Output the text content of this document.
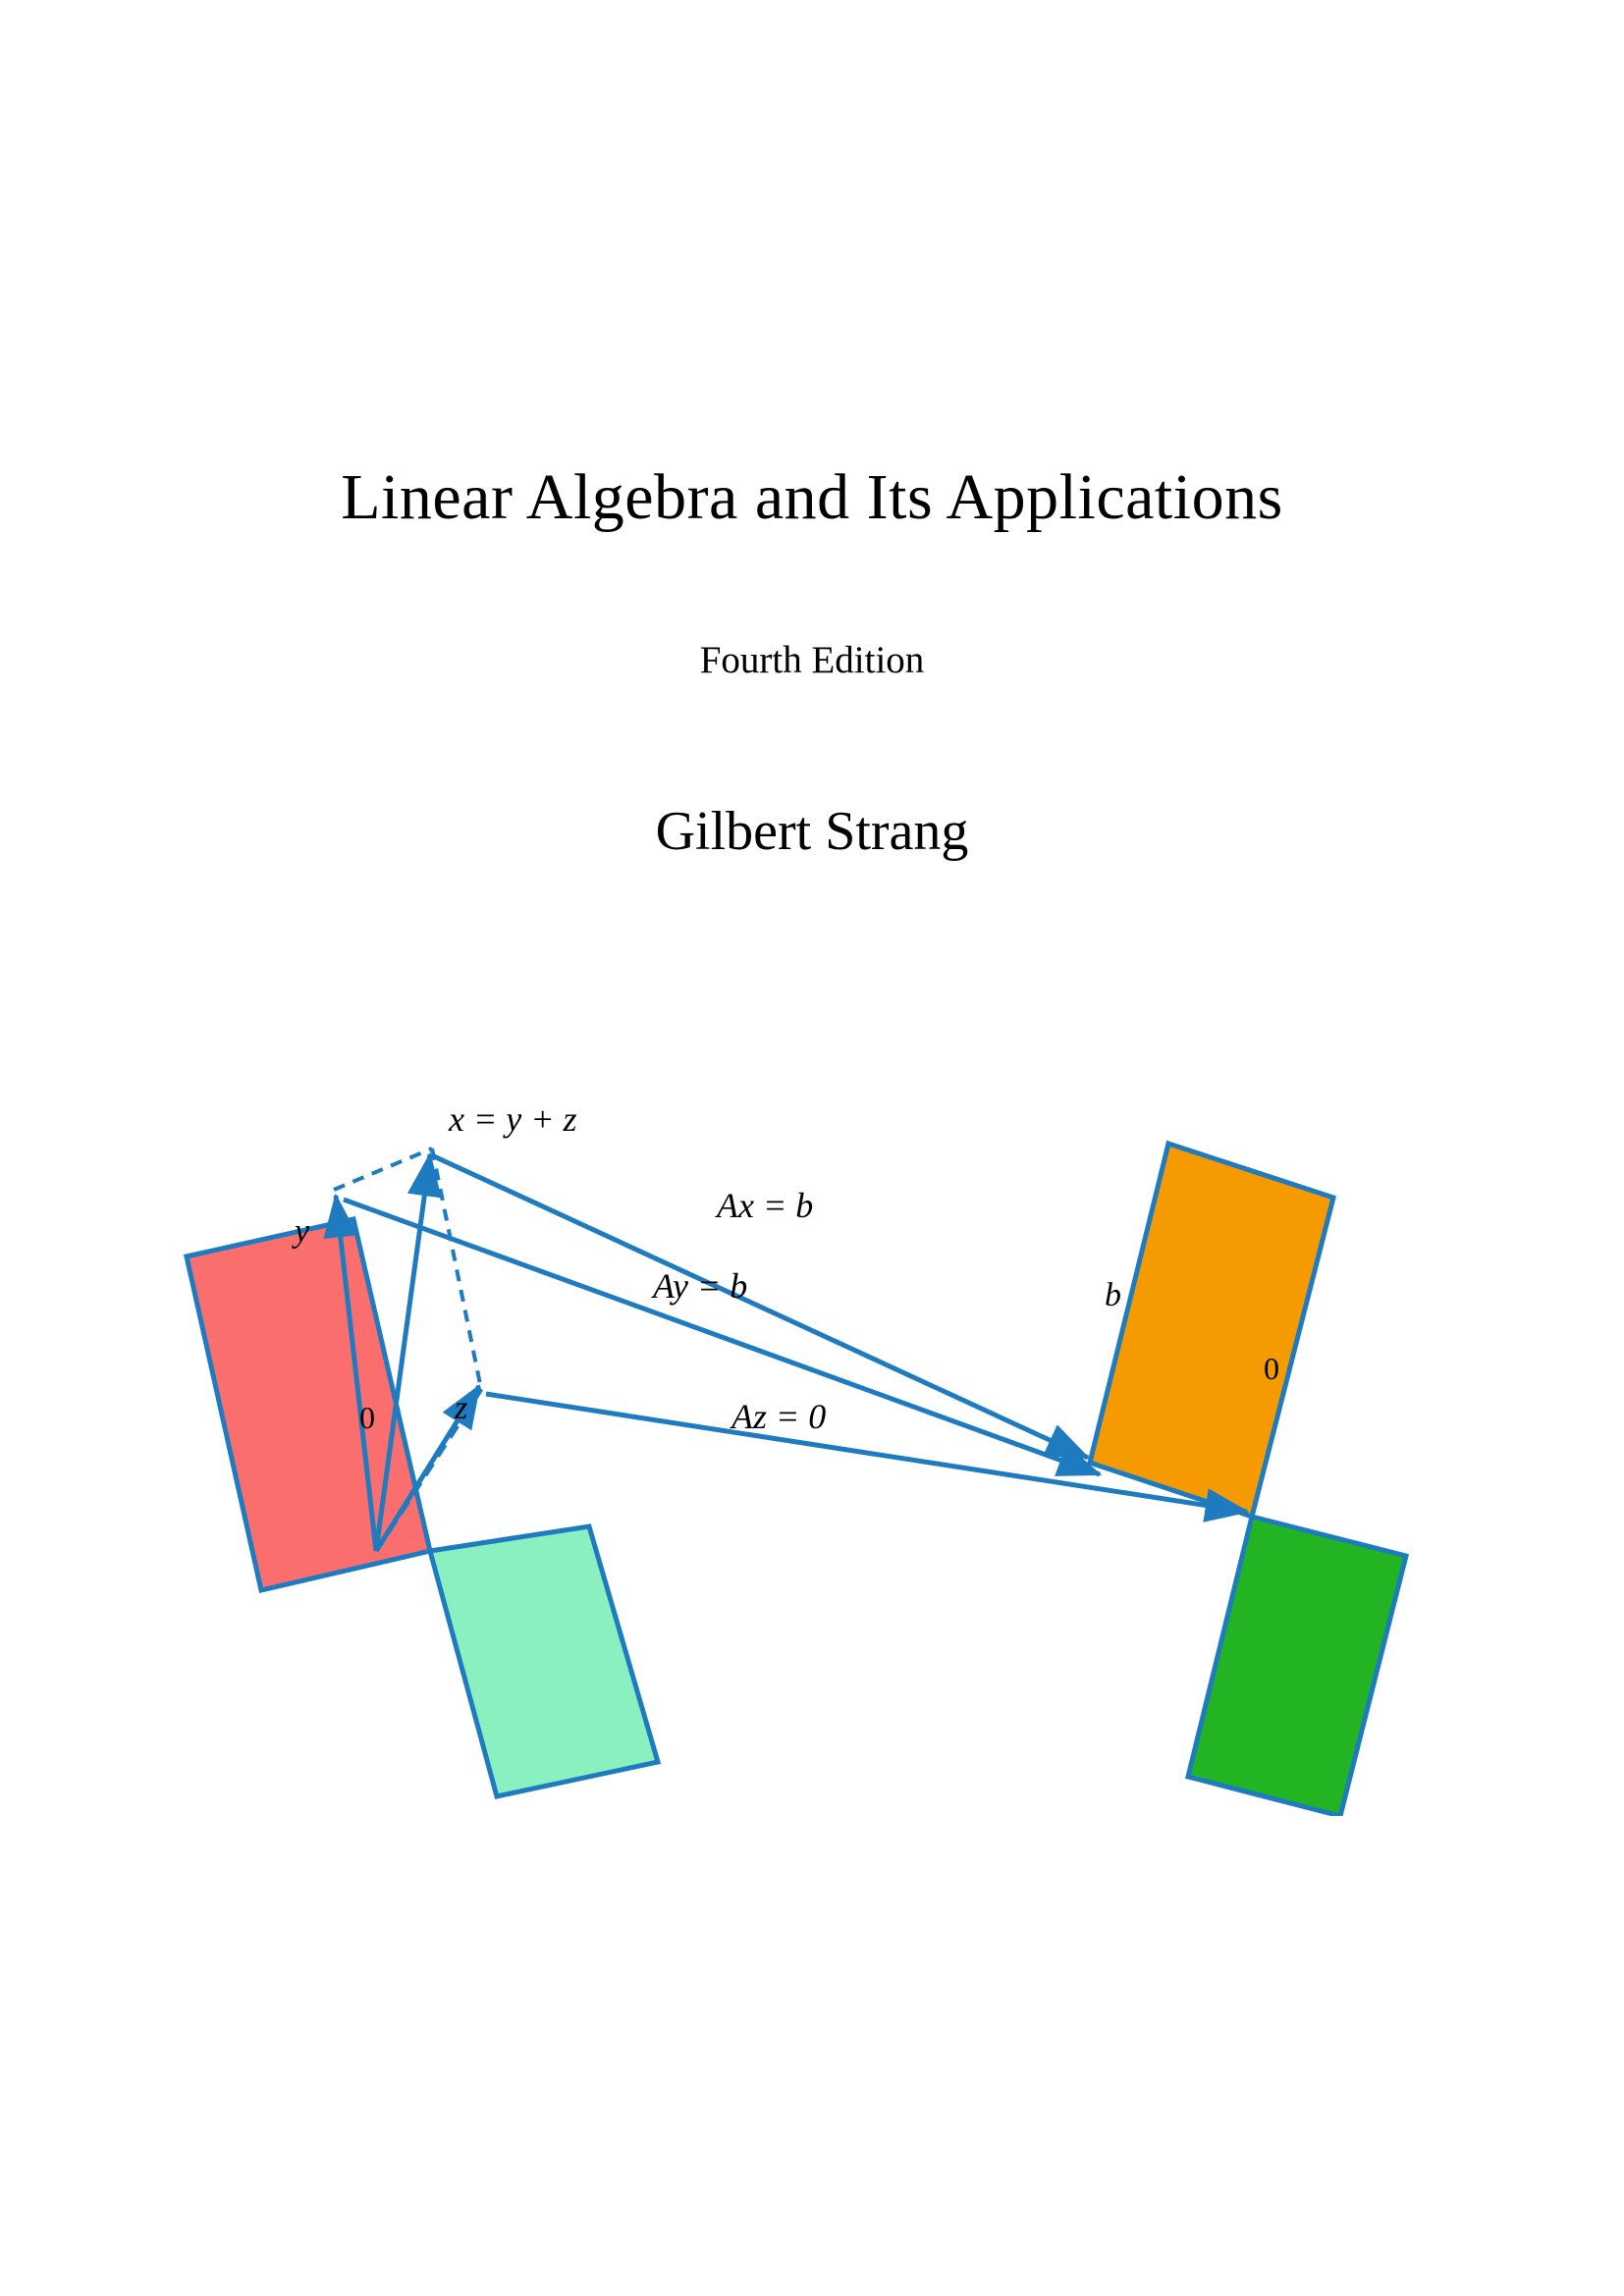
Linear Algebra and Its Applications
Fourth Edition
Gilbert Strang
x = y + z
Ax = b
Ay = b
Az = 0
y
z
b
0
0
